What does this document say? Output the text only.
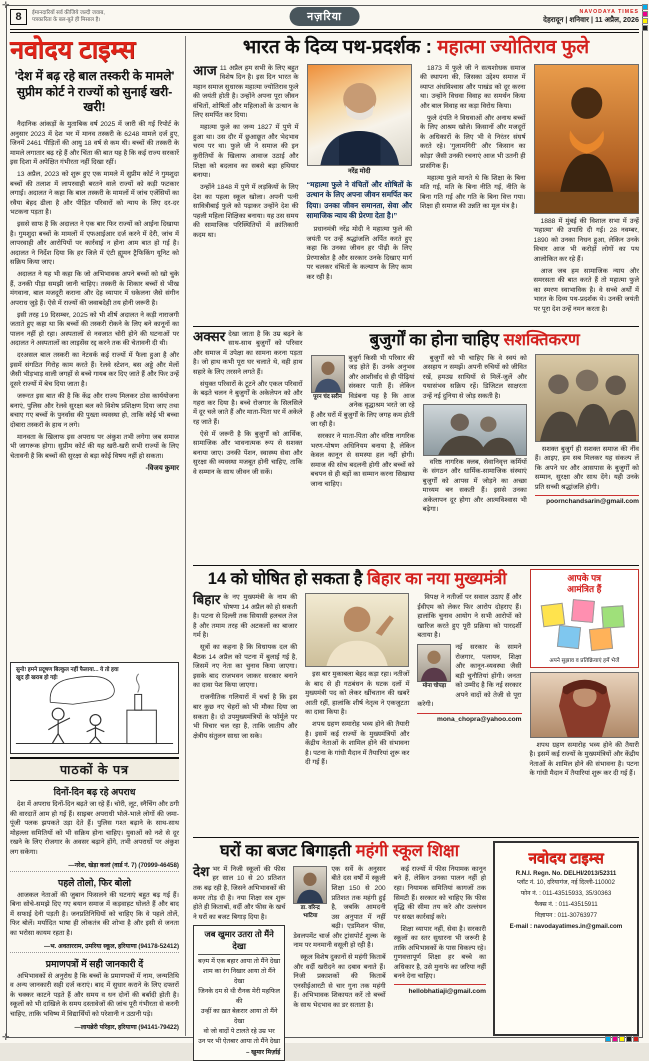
✛
✛
8	ईमानदारियों सर्व कीजिये जल्दी जवाब,
पत्रकारिता के बल-बूते ही मिसाल है।	नज़रिया	NAVODAYA TIMES
देहरादून | शनिवार | 11 अप्रैल, 2026
नवोदय टाइम्स
'देश में बढ़ रहे बाल तस्करी के मामले'
सुप्रीम कोर्ट ने राज्यों को सुनाई खरी-खरी!

नैदानिक आंकड़ों के मुताबिक वर्ष 2025 में जारी की गई रिपोर्ट के अनुसार 2023 में देश भर में मानव तस्करी के 6248 मामले दर्ज हुए, जिनमें 2461 पीड़ितों की आयु 18 वर्ष से कम थी। बच्चों की तस्करी के मामले लगातार बढ़ रहे हैं और चिंता की बात यह है कि कई राज्य सरकारें इस दिशा में अपेक्षित गंभीरता नहीं दिखा रहीं।

13 अप्रैल, 2023 को शुरू हुए एक मामले में सुप्रीम कोर्ट ने गुमशुदा बच्चों की तलाश में लापरवाही बरतने वाले राज्यों को कड़ी फटकार लगाई। अदालत ने कहा कि बाल तस्करी के मामलों में जांच एजेंसियों का रवैया बेहद ढीला है और पीड़ित परिवारों को न्याय के लिए दर-दर भटकना पड़ता है।

इससे साफ है कि अदालत ने एक बार फिर राज्यों को आईना दिखाया है। गुमशुदा बच्चों के मामलों में एफआईआर दर्ज करने में देरी, जांच में लापरवाही और आरोपियों पर कार्रवाई न होना आम बात हो गई है। अदालत ने निर्देश दिया कि हर जिले में एंटी ह्यूमन ट्रैफिकिंग यूनिट को सक्रिय किया जाए।

अदालत ने यह भी कहा कि जो अभिभावक अपने बच्चों को खो चुके हैं, उनकी पीड़ा समझी जानी चाहिए। तस्करी के शिकार बच्चों से भीख मंगवाना, बाल मजदूरी कराना और देह व्यापार में धकेलना जैसे संगीन अपराध जुड़े हैं। ऐसे में राज्यों की जवाबदेही तय होनी जरूरी है।

इसी तरह 19 दिसम्बर, 2025 को भी शीर्ष अदालत ने कड़ी नाराजगी जताते हुए कहा था कि बच्चों की तस्करी रोकने के लिए बने कानूनों का पालन नहीं हो रहा। अस्पतालों से नवजात चोरी होने की घटनाओं पर अदालत ने अस्पतालों का लाइसेंस रद्द करने तक की चेतावनी दी थी।

दरअसल बाल तस्करी का नेटवर्क कई राज्यों में फैला हुआ है और इसमें संगठित गिरोह काम करते हैं। रेलवे स्टेशन, बस अड्डे और मेलों जैसी भीड़भाड़ वाली जगहों से बच्चे गायब कर दिए जाते हैं और फिर उन्हें दूसरे राज्यों में बेच दिया जाता है।

जरूरत इस बात की है कि केंद्र और राज्य मिलकर ठोस कार्ययोजना बनाएं, पुलिस और रेलवे सुरक्षा बल को विशेष प्रशिक्षण दिया जाए तथा बचाए गए बच्चों के पुनर्वास की पुख्ता व्यवस्था हो, ताकि कोई भी बच्चा दोबारा तस्करों के हाथ न लगे।

मानवता के खिलाफ इस अपराध पर अंकुश तभी लगेगा जब समाज भी जागरूक होगा। सुप्रीम कोर्ट की यह खरी-खरी सभी राज्यों के लिए चेतावनी है कि बच्चों की सुरक्षा से बड़ा कोई विषय नहीं हो सकता।

-विजय कुमार

सुनो! हमने प्रदूषण बिल्कुल नहीं फैलाया... ये तो हवा खुद ही खराब हो गई!
पाठकों के पत्र
दिनों-दिन बढ़ रहे अपराध

देश में अपराध दिनों-दिन बढ़ते जा रहे हैं। चोरी, लूट, स्नैचिंग और ठगी की वारदातें आम हो गई हैं। साइबर अपराधी भोले-भाले लोगों की जमा-पूंजी पलक झपकते उड़ा देते हैं। पुलिस गश्त बढ़ाने के साथ-साथ मोहल्ला समितियों को भी सक्रिय होना चाहिए। युवाओं को नशे से दूर रखने के लिए रोजगार के अवसर बढ़ाने होंगे, तभी अपराधों पर अंकुश लग सकेगा।

—नरेश, खेड़ा कलां (वार्ड नं. 7) (70999-46458)

पहले तोलो, फिर बोलो

आजकल नेताओं की जुबान फिसलने की घटनाएं बहुत बढ़ गई हैं। बिना सोचे-समझे दिए गए बयान समाज में कड़वाहट घोलते हैं और बाद में सफाई देनी पड़ती है। जनप्रतिनिधियों को चाहिए कि वे पहले तोलें, फिर बोलें। मर्यादित भाषा ही लोकतंत्र की शोभा है और इसी से जनता का भरोसा कायम रहता है।

—भ. अवतारराम, उमरिया स्कूल, हरियाणा (94178-52412)

प्रमाणपत्रों में सही जानकारी दें

अभिभावकों से अनुरोध है कि बच्चों के प्रमाणपत्रों में नाम, जन्मतिथि व अन्य जानकारी सही दर्ज कराएं। बाद में सुधार कराने के लिए दफ्तरों के चक्कर काटने पड़ते हैं और समय व धन दोनों की बर्बादी होती है। स्कूलों को भी दाखिले के समय दस्तावेजों की जांच पूरी गंभीरता से करनी चाहिए, ताकि भविष्य में विद्यार्थियों को परेशानी न उठानी पड़े।

—लायब्रेरी परिहार, हरियाणा (94141-79422)

भारत के दिव्य पथ-प्रदर्शक : महात्मा ज्योतिराव फुले

आज 11 अप्रैल हम सभी के लिए बहुत विशेष दिन है। इस दिन भारत के महान समाज सुधारक महात्मा ज्योतिराव फुले की जयंती होती है। उन्होंने अपना पूरा जीवन वंचितों, शोषितों और महिलाओं के उत्थान के लिए समर्पित कर दिया।

महात्मा फुले का जन्म 1827 में पुणे में हुआ था। उस दौर में छुआछूत और भेदभाव चरम पर था। फुले जी ने समाज की इन कुरीतियों के खिलाफ आवाज उठाई और शिक्षा को बदलाव का सबसे बड़ा हथियार बनाया।

उन्होंने 1848 में पुणे में लड़कियों के लिए देश का पहला स्कूल खोला। अपनी पत्नी सावित्रीबाई फुले को पढ़ाकर उन्होंने देश की पहली महिला शिक्षिका बनाया। यह उस समय की सामाजिक परिस्थितियों में क्रांतिकारी कदम था।

नरेंद्र मोदी
“महात्मा फुले ने वंचितों और शोषितों के उत्थान के लिए अपना जीवन समर्पित कर दिया। उनका जीवन समानता, सेवा और सामाजिक न्याय की प्रेरणा देता है।”

प्रधानमंत्री नरेंद्र मोदी ने महात्मा फुले की जयंती पर उन्हें श्रद्धांजलि अर्पित करते हुए कहा कि उनका जीवन हर पीढ़ी के लिए प्रेरणास्रोत है और सरकार उनके दिखाए मार्ग पर चलकर वंचितों के कल्याण के लिए काम कर रही है।

1873 में फुले जी ने सत्यशोधक समाज की स्थापना की, जिसका उद्देश्य समाज में व्याप्त अंधविश्वास और पाखंड को दूर करना था। उन्होंने विधवा विवाह का समर्थन किया और बाल विवाह का कड़ा विरोध किया।

फुले दंपति ने विधवाओं और अनाथ बच्चों के लिए आश्रम खोले। किसानों और मजदूरों के अधिकारों के लिए भी वे निरंतर संघर्ष करते रहे। 'गुलामगिरी' और 'किसान का कोड़ा' जैसी उनकी रचनाएं आज भी उतनी ही प्रासंगिक हैं।

महात्मा फुले मानते थे कि शिक्षा के बिना मति गई, मति के बिना नीति गई, नीति के बिना गति गई और गति के बिना वित्त गया। शिक्षा ही समाज की उन्नति का मूल मंत्र है।

1888 में मुंबई की विशाल सभा में उन्हें 'महात्मा' की उपाधि दी गई। 28 नवम्बर, 1890 को उनका निधन हुआ, लेकिन उनके विचार आज भी करोड़ों लोगों का पथ आलोकित कर रहे हैं।

आज जब हम सामाजिक न्याय और समरसता की बात करते हैं तो महात्मा फुले का स्मरण स्वाभाविक है। वे सच्चे अर्थों में भारत के दिव्य पथ-प्रदर्शक थे। उनकी जयंती पर पूरा देश उन्हें नमन करता है।

अक्सर देखा जाता है कि उम्र बढ़ने के साथ-साथ बुजुर्गों को परिवार और समाज में उपेक्षा का सामना करना पड़ता है। जो हाथ कभी पूरा घर चलाते थे, वही हाथ सहारे के लिए तरसने लगते हैं।

संयुक्त परिवारों के टूटने और एकल परिवारों के बढ़ते चलन ने बुजुर्गों के अकेलेपन को और गहरा कर दिया है। बच्चे रोजगार के सिलसिले में दूर चले जाते हैं और माता-पिता घर में अकेले रह जाते हैं।

ऐसे में जरूरी है कि बुजुर्गों को आर्थिक, सामाजिक और भावनात्मक रूप से सशक्त बनाया जाए। उनकी पेंशन, स्वास्थ्य सेवा और सुरक्षा की व्यवस्था मजबूत होनी चाहिए, ताकि वे सम्मान के साथ जीवन जी सकें।

बुजुर्गों का होना चाहिए सशक्तिकरण
पूरन चंद सरीन

बुजुर्ग किसी भी परिवार की जड़ होते हैं। उनके अनुभव और आशीर्वाद से ही पीढ़ियां संस्कार पाती हैं। लेकिन विडंबना यह है कि आज अनेक वृद्धाश्रम भरते जा रहे हैं और घरों में बुजुर्गों के लिए जगह कम होती जा रही है।

सरकार ने माता-पिता और वरिष्ठ नागरिक भरण-पोषण अधिनियम बनाया है, लेकिन केवल कानून से समस्या हल नहीं होगी। समाज की सोच बदलनी होगी और बच्चों को बचपन से ही बड़ों का सम्मान करना सिखाया जाना चाहिए।

बुजुर्गों को भी चाहिए कि वे स्वयं को असहाय न समझें। अपनी रुचियों को जीवित रखें, हमउम्र साथियों से मिलें-जुलें और यथासंभव सक्रिय रहें। डिजिटल साक्षरता उन्हें नई दुनिया से जोड़ सकती है।

वरिष्ठ नागरिक क्लब, सेवानिवृत्त कर्मियों के संगठन और धार्मिक-सामाजिक संस्थाएं बुजुर्गों को आपस में जोड़ने का अच्छा माध्यम बन सकती हैं। इससे उनका अकेलापन दूर होगा और आत्मविश्वास भी बढ़ेगा।

सशक्त बुजुर्ग ही सशक्त समाज की नींव हैं। आइए, हम सब मिलकर यह संकल्प लें कि अपने घर और आसपास के बुजुर्गों को सम्मान, सुरक्षा और साथ देंगे। यही उनके प्रति सच्ची श्रद्धांजलि होगी।

poornchandsarin@gmail.com
14 को घोषित हो सकता है बिहार का नया मुख्यमंत्री

बिहार के नए मुख्यमंत्री के नाम की घोषणा 14 अप्रैल को हो सकती है। पटना से दिल्ली तक सियासी हलचल तेज है और तमाम तरह की अटकलों का बाजार गर्म है।

सूत्रों का कहना है कि विधायक दल की बैठक 14 अप्रैल को पटना में बुलाई गई है, जिसमें नए नेता का चुनाव किया जाएगा। इसके बाद राजभवन जाकर सरकार बनाने का दावा पेश किया जाएगा।

राजनीतिक गलियारों में चर्चा है कि इस बार कुछ नए चेहरों को भी मौका दिया जा सकता है। दो उपमुख्यमंत्रियों के फॉर्मूले पर भी विचार चल रहा है, ताकि जातीय और क्षेत्रीय संतुलन साधा जा सके।

इस बार मुकाबला बेहद कड़ा रहा। नतीजों के बाद से ही गठबंधन के घटक दलों में मुख्यमंत्री पद को लेकर खींचतान की खबरें आती रहीं, हालांकि शीर्ष नेतृत्व ने एकजुटता का दावा किया है।

शपथ ग्रहण समारोह भव्य होने की तैयारी है। इसमें कई राज्यों के मुख्यमंत्रियों और केंद्रीय नेताओं के शामिल होने की संभावना है। पटना के गांधी मैदान में तैयारियां शुरू कर दी गई हैं।

विपक्ष ने नतीजों पर सवाल उठाए हैं और ईवीएम को लेकर फिर आरोप दोहराए हैं। हालांकि चुनाव आयोग ने सभी आरोपों को खारिज करते हुए पूरी प्रक्रिया को पारदर्शी बताया है।

मोना चोपड़ा

नई सरकार के सामने रोजगार, पलायन, शिक्षा और कानून-व्यवस्था जैसी बड़ी चुनौतियां होंगी। जनता को उम्मीद है कि नई सरकार अपने वादों को तेजी से पूरा करेगी।

mona_chopra@yahoo.com
आपके पत्र
आमंत्रित हैं
अपने सुझाव व प्रतिक्रियाएं हमें भेजें

शपथ ग्रहण समारोह भव्य होने की तैयारी है। इसमें कई राज्यों के मुख्यमंत्रियों और केंद्रीय नेताओं के शामिल होने की संभावना है। पटना के गांधी मैदान में तैयारियां शुरू कर दी गई हैं।

घरों का बजट बिगाड़ती महंगी स्कूल शिक्षा

देश भर में निजी स्कूलों की फीस हर साल 10 से 20 प्रतिशत तक बढ़ रही है, जिसने अभिभावकों की कमर तोड़ दी है। नया शिक्षा सत्र शुरू होते ही किताबों, वर्दी और फीस के खर्च ने घरों का बजट बिगाड़ दिया है।

जब खुमार उतरा तो मैंने देखा
बज़्म में एक बहार आया तो मैंने देखा
शाम का रंग निखार आया तो मैंने देखा
जिनके दम से थी रौनक मेरी महफिल की
उन्हीं का ख़त बेक़रार आया तो मैंने देखा
वो जो वादों पे टालते रहे उम्र भर
उन पर भी ऐतबार आया तो मैंने देखा
– खुमार मिर्ज़ाई
डा. वरिन्द्र भाटिया

एक सर्वे के अनुसार बीते दस वर्षों में स्कूली शिक्षा 150 से 200 प्रतिशत तक महंगी हुई है, जबकि आमदनी उस अनुपात में नहीं बढ़ी। एडमिशन फीस, डेवलपमेंट चार्ज और ट्रांसपोर्ट शुल्क के नाम पर मनमानी वसूली हो रही है।

स्कूल विशेष दुकानों से महंगी किताबें और वर्दी खरीदने का दबाव बनाते हैं। निजी प्रकाशकों की किताबें एनसीईआरटी से चार गुना तक महंगी हैं। अभिभावक शिकायत करें तो बच्चों के साथ भेदभाव का डर सताता है।

कई राज्यों में फीस नियामक कानून बने हैं, लेकिन उनका पालन नहीं हो रहा। नियामक समितियां कागजों तक सिमटी हैं। सरकार को चाहिए कि फीस वृद्धि की सीमा तय करे और उल्लंघन पर सख्त कार्रवाई करे।

शिक्षा व्यापार नहीं, सेवा है। सरकारी स्कूलों का स्तर सुधारना भी जरूरी है ताकि अभिभावकों के पास विकल्प रहे। गुणवत्तापूर्ण शिक्षा हर बच्चे का अधिकार है, उसे मुनाफे का जरिया नहीं बनने देना चाहिए।

hellobhatiaji@gmail.com
नवोदय टाइम्स
R.N.I. Regn. No. DELHI/2013/52311
प्लॉट नं. 10, दरियागंज, नई दिल्ली-110002
फोन नं. : 011-43515933, 35/30363
फैक्स नं. : 011-43515911
विज्ञापन : 011-30763977
E-mail : navodayatimes.in@gmail.com
